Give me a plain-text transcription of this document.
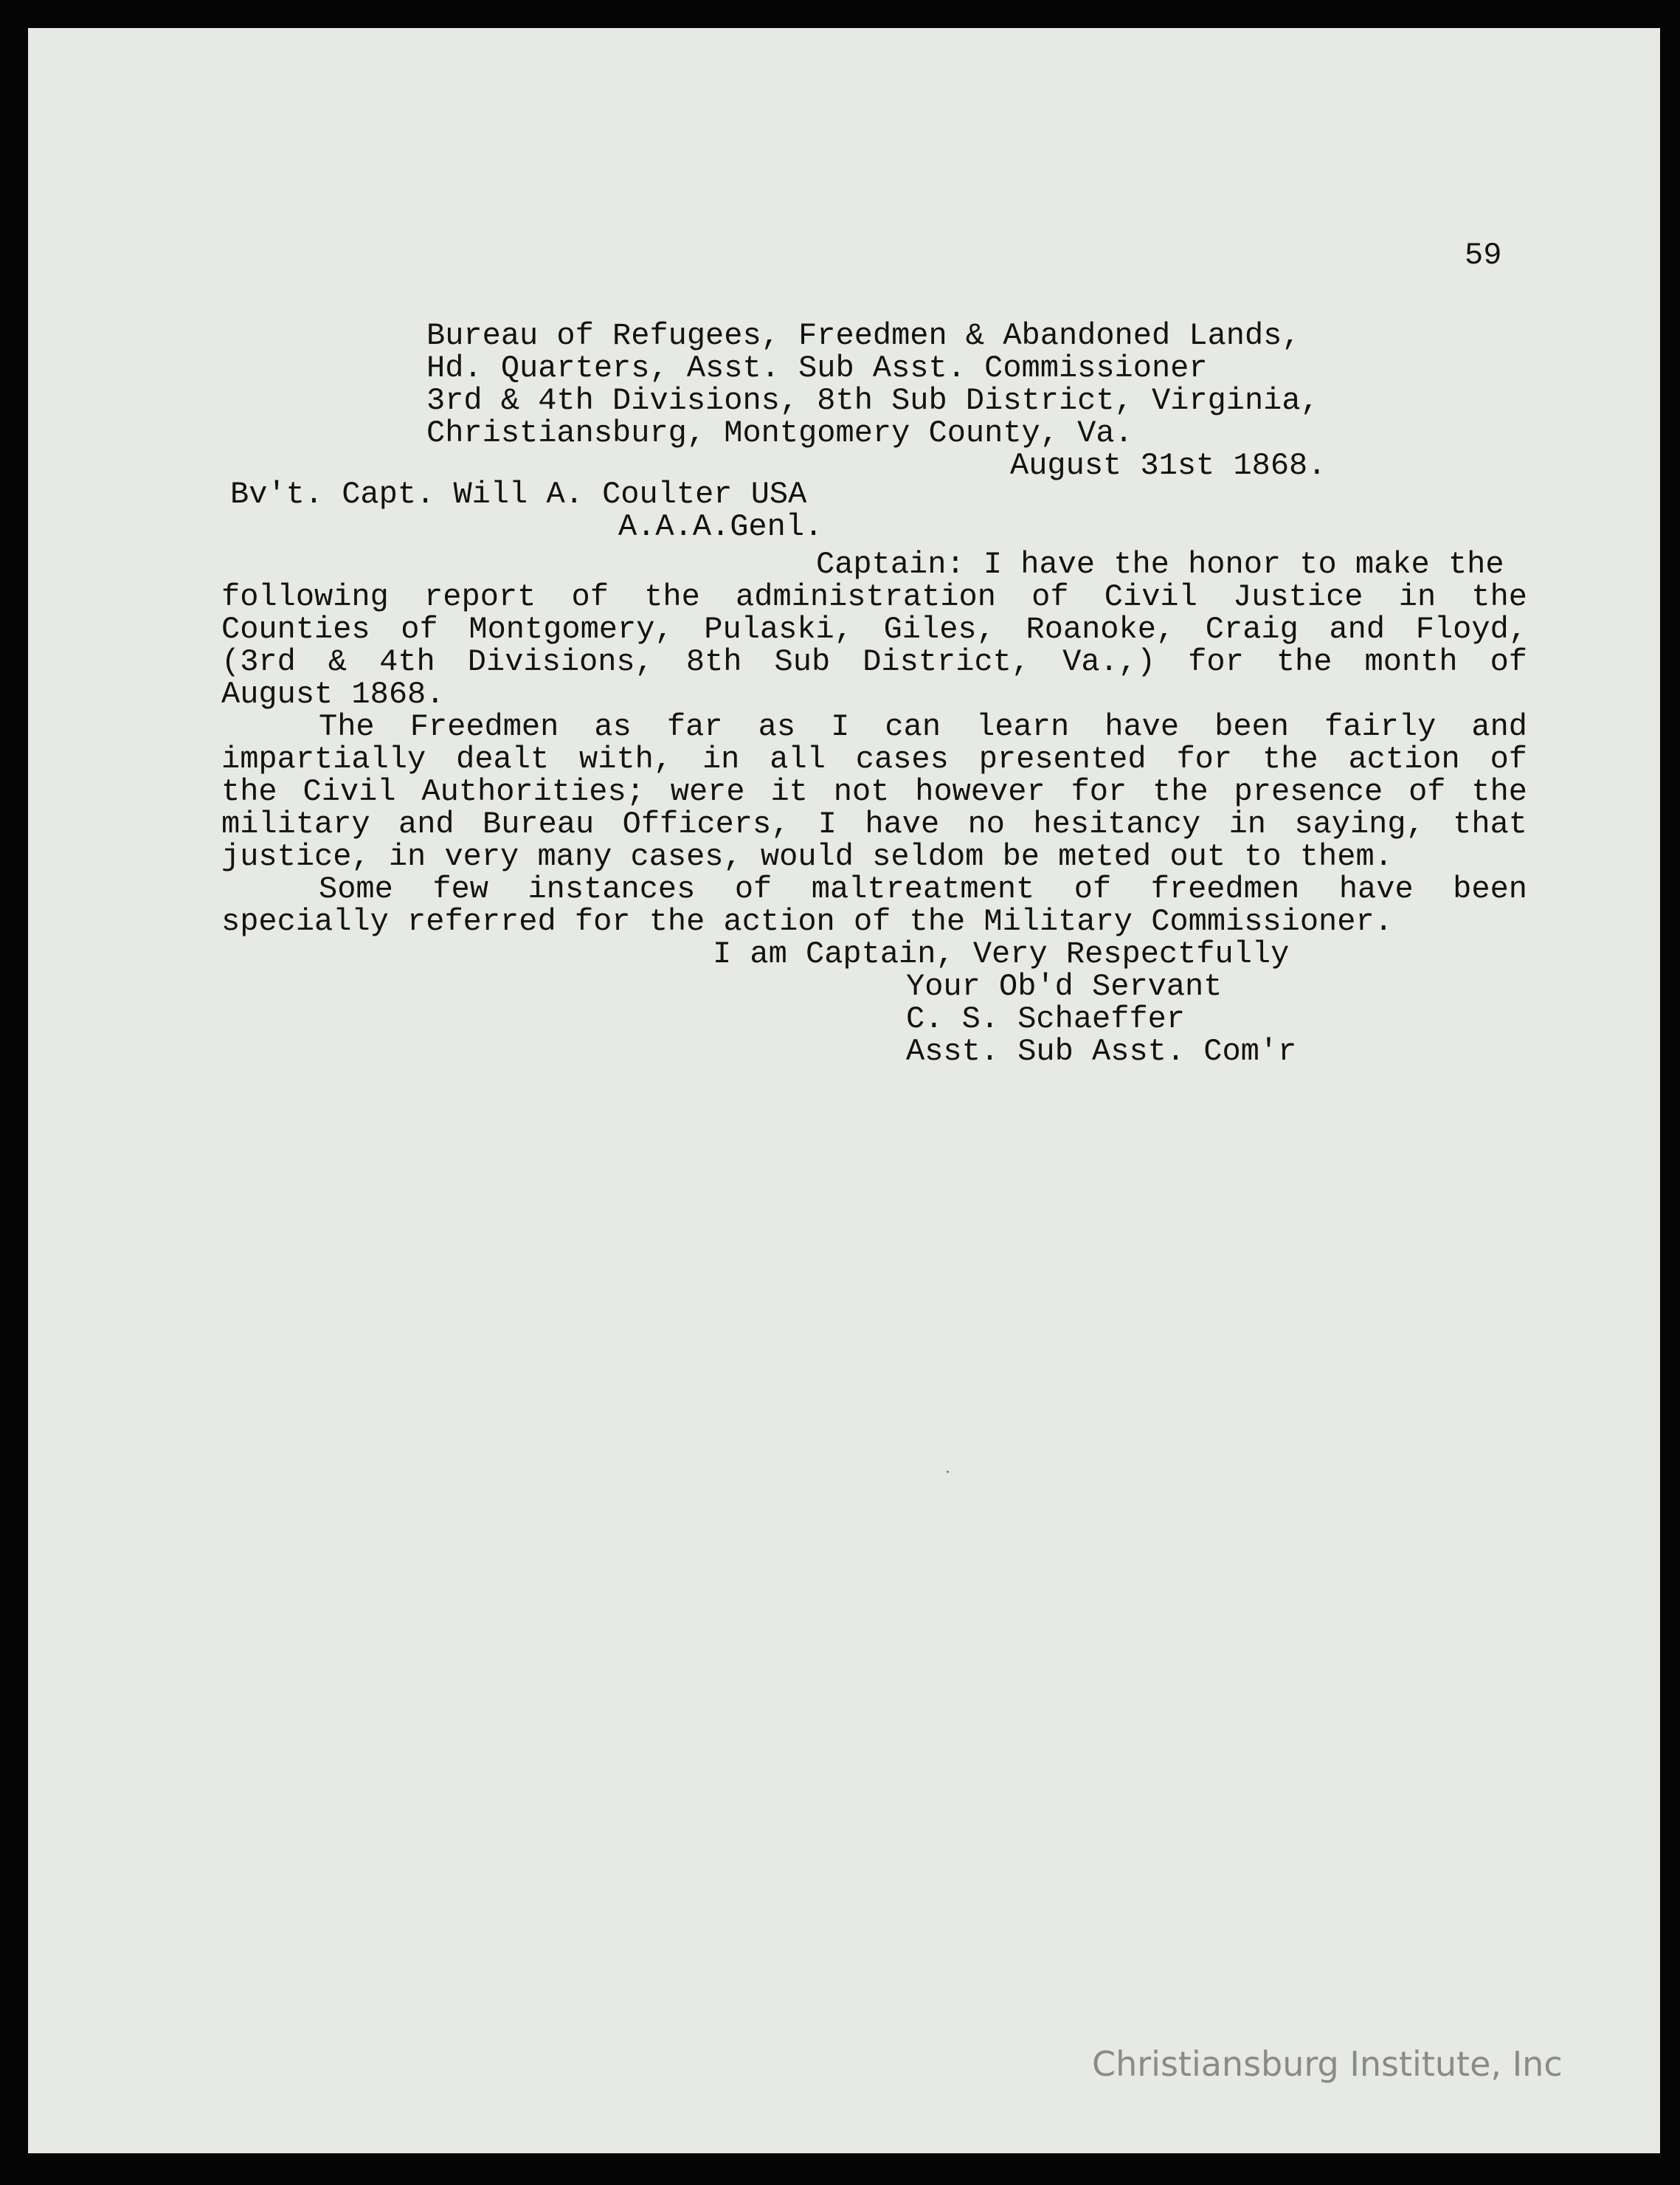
59
Bureau of Refugees, Freedmen & Abandoned Lands,
Hd. Quarters, Asst. Sub Asst. Commissioner
3rd & 4th Divisions, 8th Sub District, Virginia,
Christiansburg, Montgomery County, Va.
August 31st 1868.
Bv't. Capt. Will A. Coulter USA
A.A.A.Genl.
Captain: I have the honor to make the
following report of the administration of Civil Justice in the
Counties of Montgomery, Pulaski, Giles, Roanoke, Craig and Floyd,
(3rd & 4th Divisions, 8th Sub District, Va.,) for the month of
August 1868.
The Freedmen as far as I can learn have been fairly and
impartially dealt with, in all cases presented for the action of
the Civil Authorities; were it not however for the presence of the
military and Bureau Officers, I have no hesitancy in saying, that
justice, in very many cases, would seldom be meted out to them.
Some few instances of maltreatment of freedmen have been
specially referred for the action of the Military Commissioner.
I am Captain, Very Respectfully
Your Ob'd Servant
C. S. Schaeffer
Asst. Sub Asst. Com'r
Christiansburg Institute, Inc
